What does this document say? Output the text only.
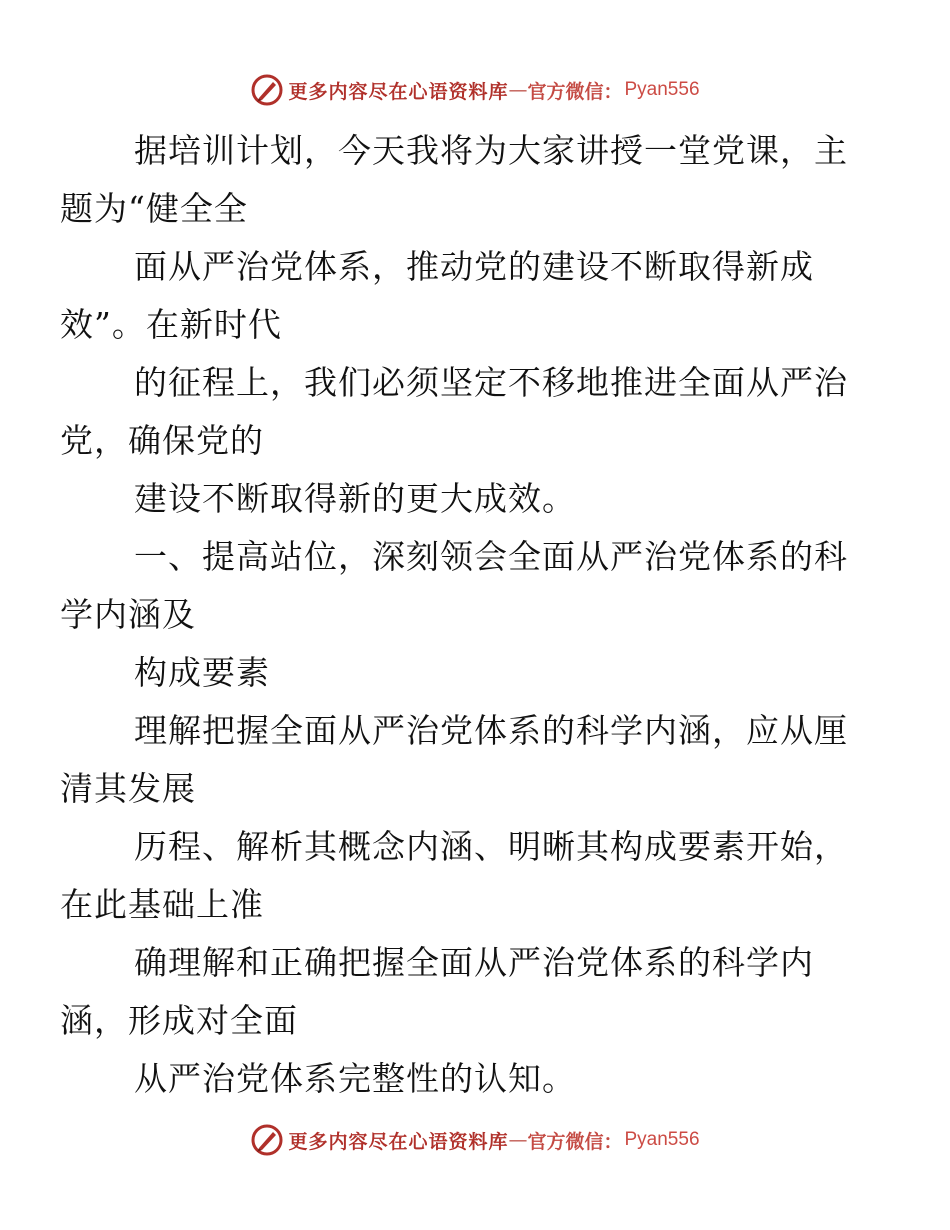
更多内容尽在心语资料库 — 官方微信： Pyan556

据培训计划，今天我将为大家讲授一堂党课，主
题为“健全全

面从严治党体系，推动党的建设不断取得新成
效”。在新时代

的征程上，我们必须坚定不移地推进全面从严治
党，确保党的

建设不断取得新的更大成效。

一、提高站位，深刻领会全面从严治党体系的科
学内涵及

构成要素

理解把握全面从严治党体系的科学内涵，应从厘
清其发展

历程、解析其概念内涵、明晰其构成要素开始，
在此基础上准

确理解和正确把握全面从严治党体系的科学内
涵，形成对全面

从严治党体系完整性的认知。

更多内容尽在心语资料库 — 官方微信： Pyan556
